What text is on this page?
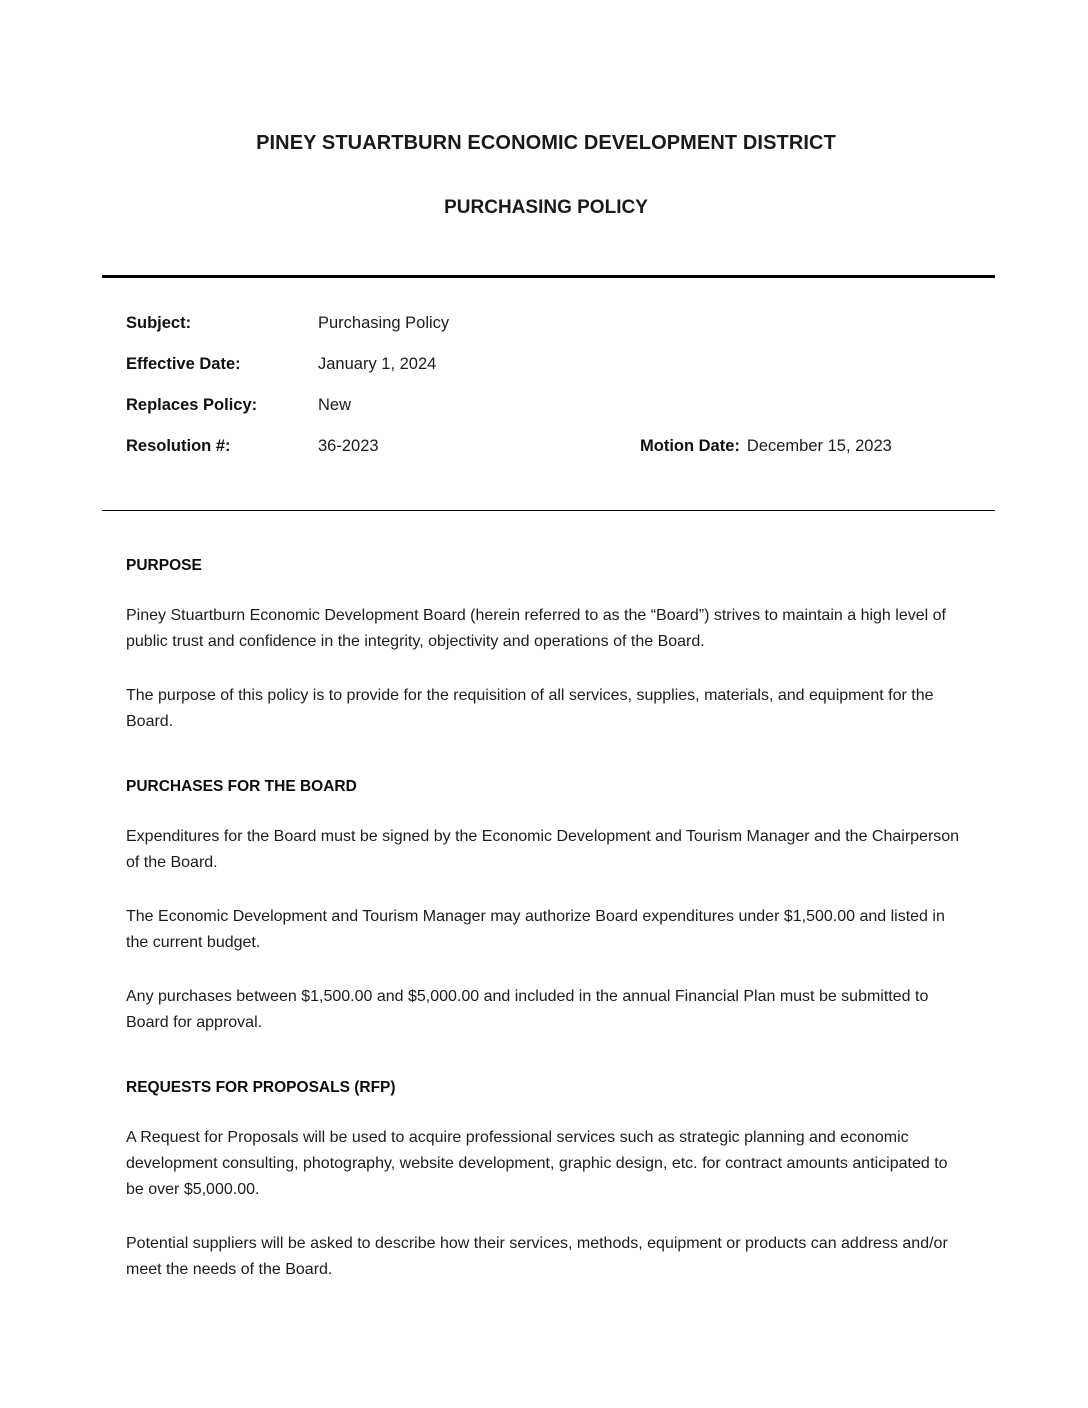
PINEY STUARTBURN ECONOMIC DEVELOPMENT DISTRICT
PURCHASING POLICY
Subject:	Purchasing Policy
Effective Date:	January 1, 2024
Replaces Policy:	New
Resolution #:	36-2023	Motion Date: December 15, 2023
PURPOSE

Piney Stuartburn Economic Development Board (herein referred to as the “Board”) strives to maintain a high level of public trust and confidence in the integrity, objectivity and operations of the Board.

The purpose of this policy is to provide for the requisition of all services, supplies, materials, and equipment for the Board.

PURCHASES FOR THE BOARD

Expenditures for the Board must be signed by the Economic Development and Tourism Manager and the Chairperson of the Board.

The Economic Development and Tourism Manager may authorize Board expenditures under $1,500.00 and listed in the current budget.

Any purchases between $1,500.00 and $5,000.00 and included in the annual Financial Plan must be submitted to Board for approval.

REQUESTS FOR PROPOSALS (RFP)

A Request for Proposals will be used to acquire professional services such as strategic planning and economic development consulting, photography, website development, graphic design, etc. for contract amounts anticipated to be over $5,000.00.

Potential suppliers will be asked to describe how their services, methods, equipment or products can address and/or meet the needs of the Board.
